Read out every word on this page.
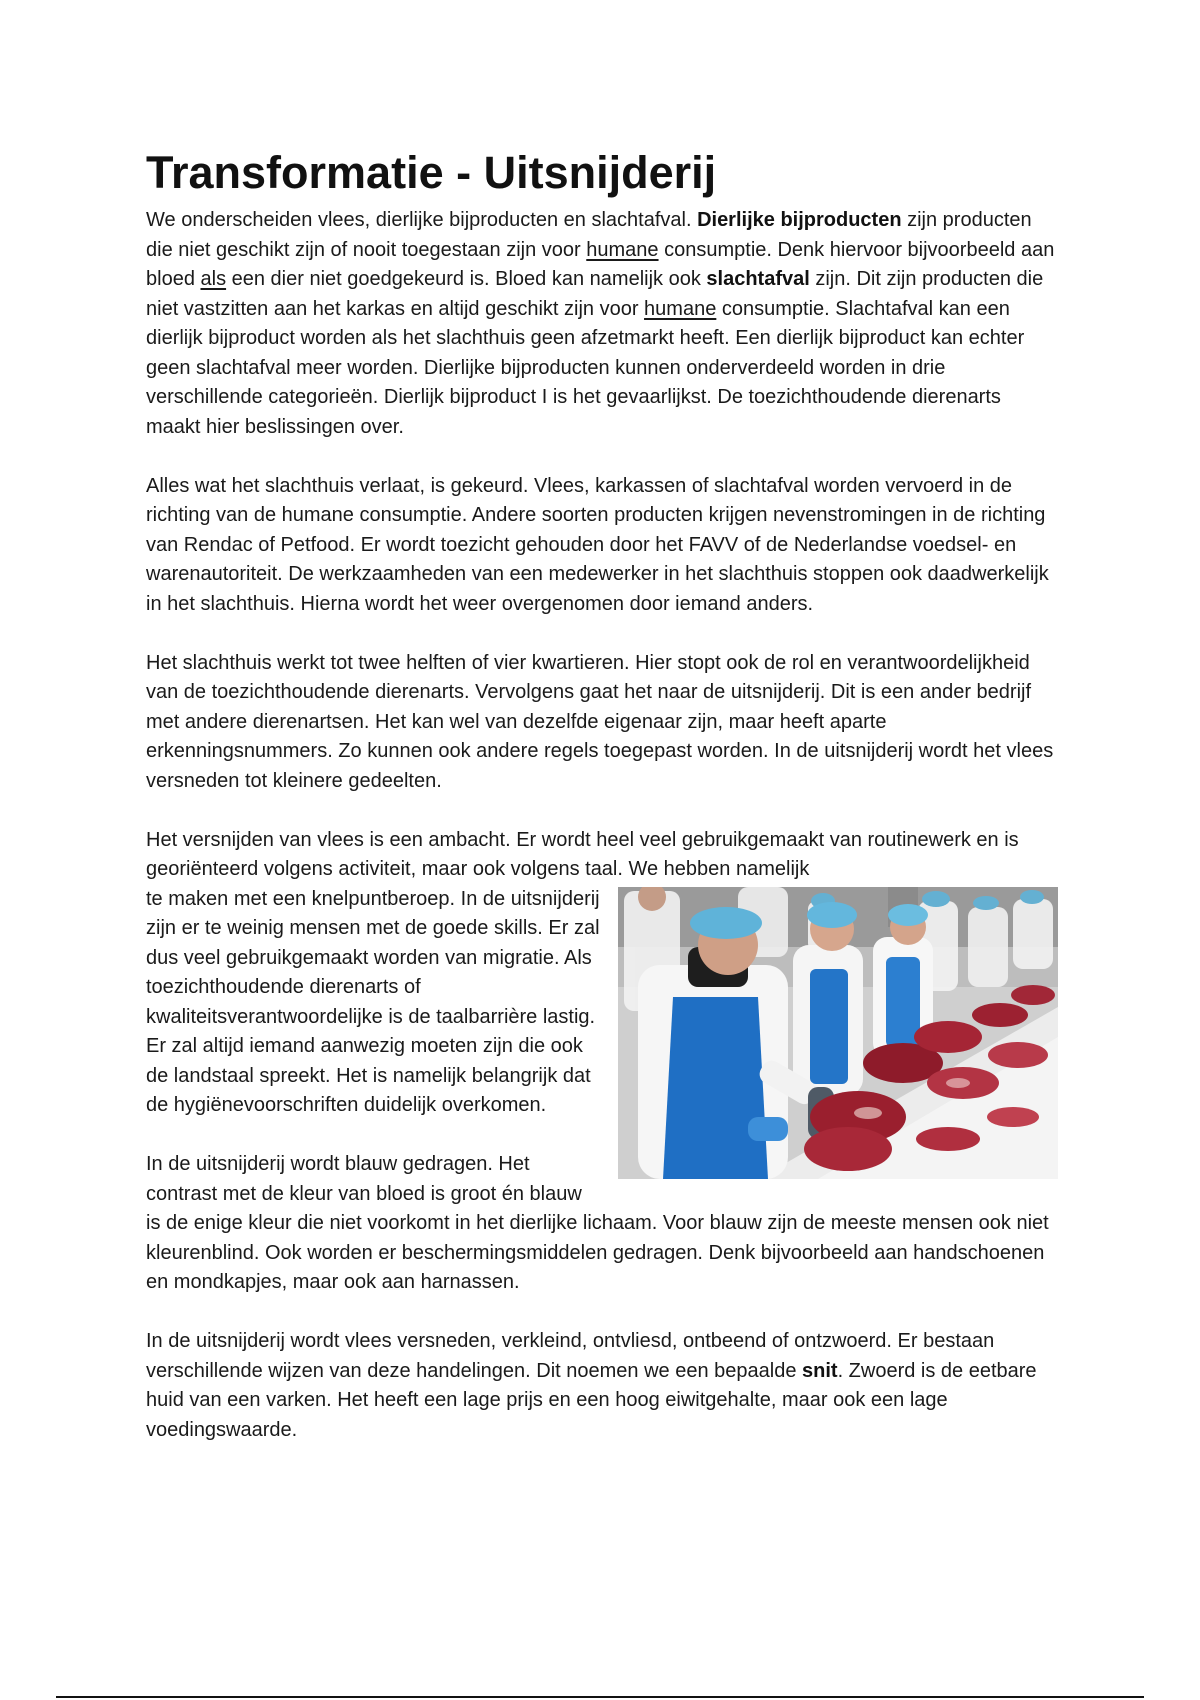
Transformatie - Uitsnijderij

We onderscheiden vlees, dierlijke bijproducten en slachtafval. Dierlijke bijproducten zijn producten die niet geschikt zijn of nooit toegestaan zijn voor humane consumptie. Denk hiervoor bijvoorbeeld aan bloed als een dier niet goedgekeurd is. Bloed kan namelijk ook slachtafval zijn. Dit zijn producten die niet vastzitten aan het karkas en altijd geschikt zijn voor humane consumptie. Slachtafval kan een dierlijk bijproduct worden als het slachthuis geen afzetmarkt heeft. Een dierlijk bijproduct kan echter geen slachtafval meer worden. Dierlijke bijproducten kunnen onderverdeeld worden in drie verschillende categorieën. Dierlijk bijproduct I is het gevaarlijkst. De toezichthoudende dierenarts maakt hier beslissingen over.

Alles wat het slachthuis verlaat, is gekeurd. Vlees, karkassen of slachtafval worden vervoerd in de richting van de humane consumptie. Andere soorten producten krijgen nevenstromingen in de richting van Rendac of Petfood. Er wordt toezicht gehouden door het FAVV of de Nederlandse voedsel- en warenautoriteit. De werkzaamheden van een medewerker in het slachthuis stoppen ook daadwerkelijk in het slachthuis. Hierna wordt het weer overgenomen door iemand anders.

Het slachthuis werkt tot twee helften of vier kwartieren. Hier stopt ook de rol en verantwoordelijkheid van de toezichthoudende dierenarts. Vervolgens gaat het naar de uitsnijderij. Dit is een ander bedrijf met andere dierenartsen. Het kan wel van dezelfde eigenaar zijn, maar heeft aparte erkenningsnummers. Zo kunnen ook andere regels toegepast worden. In de uitsnijderij wordt het vlees versneden tot kleinere gedeelten.

Het versnijden van vlees is een ambacht. Er wordt heel veel gebruikgemaakt van routinewerk en is georiënteerd volgens activiteit, maar ook volgens taal. We hebben namelijk

te maken met een knelpuntberoep. In de uitsnijderij zijn er te weinig mensen met de goede skills. Er zal dus veel gebruikgemaakt worden van migratie. Als toezichthoudende dierenarts of kwaliteitsverantwoordelijke is de taalbarrière lastig. Er zal altijd iemand aanwezig moeten zijn die ook de landstaal spreekt. Het is namelijk belangrijk dat de hygiënevoorschriften duidelijk overkomen.

In de uitsnijderij wordt blauw gedragen. Het contrast met de kleur van bloed is groot én blauw is de enige kleur die niet voorkomt in het dierlijke lichaam. Voor blauw zijn de meeste mensen ook niet kleurenblind. Ook worden er beschermingsmiddelen gedragen. Denk bijvoorbeeld aan handschoenen en mondkapjes, maar ook aan harnassen.

In de uitsnijderij wordt vlees versneden, verkleind, ontvliesd, ontbeend of ontzwoerd. Er bestaan verschillende wijzen van deze handelingen. Dit noemen we een bepaalde snit. Zwoerd is de eetbare huid van een varken. Het heeft een lage prijs en een hoog eiwitgehalte, maar ook een lage voedingswaarde.
